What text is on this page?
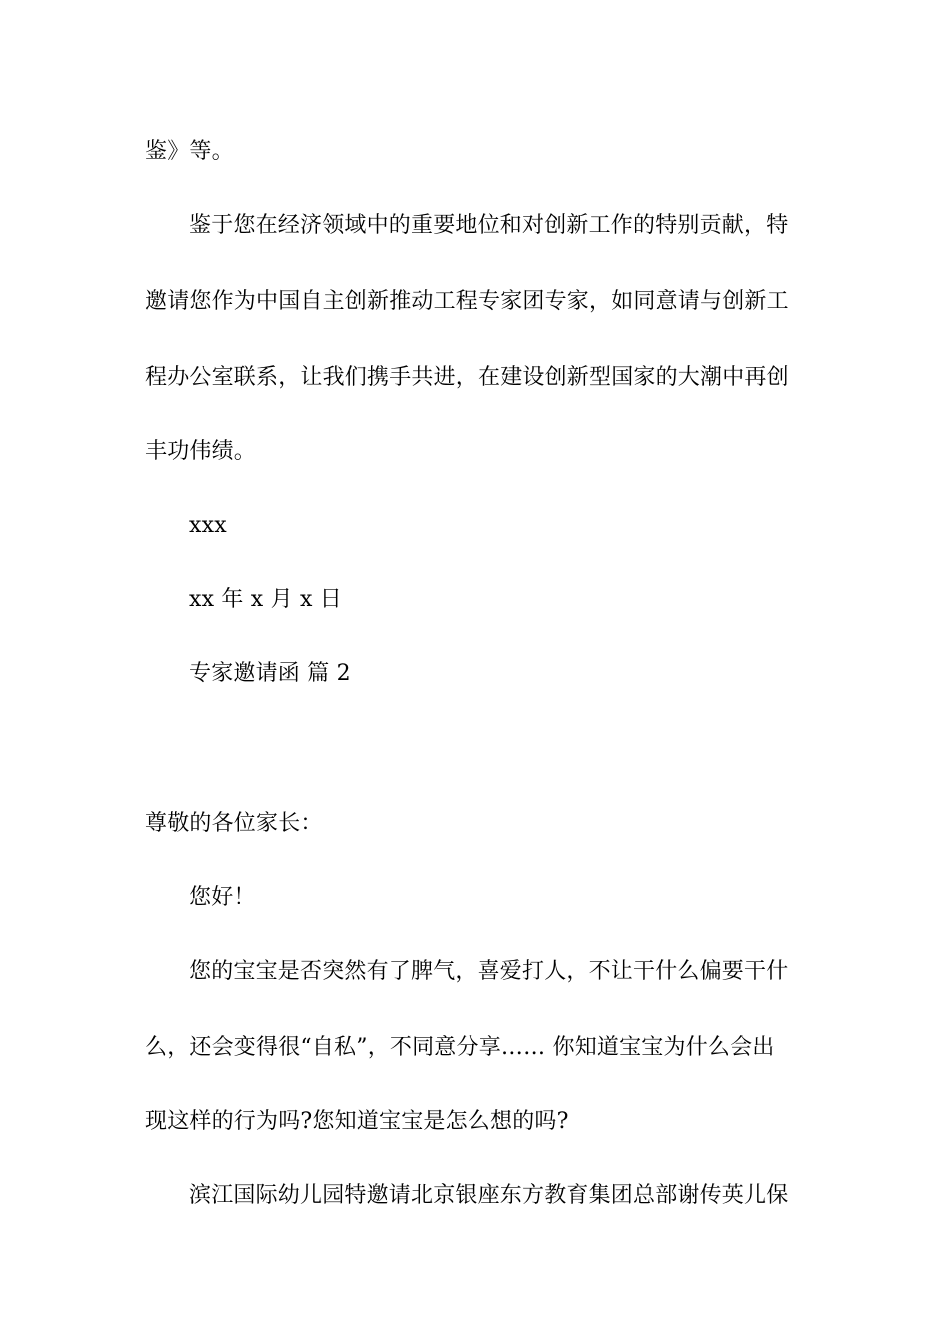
鉴》等。
鉴于您在经济领域中的重要地位和对创新工作的特别贡献，特
邀请您作为中国自主创新推动工程专家团专家，如同意请与创新工
程办公室联系，让我们携手共进，在建设创新型国家的大潮中再创
丰功伟绩。
xxx
xx 年 x 月 x 日
专家邀请函 篇 2
尊敬的各位家长：
您好！
您的宝宝是否突然有了脾气，喜爱打人，不让干什么偏要干什
么，还会变得很“自私”，不同意分享…… 你知道宝宝为什么会出
现这样的行为吗?您知道宝宝是怎么想的吗?
滨江国际幼儿园特邀请北京银座东方教育集团总部谢传英儿保
